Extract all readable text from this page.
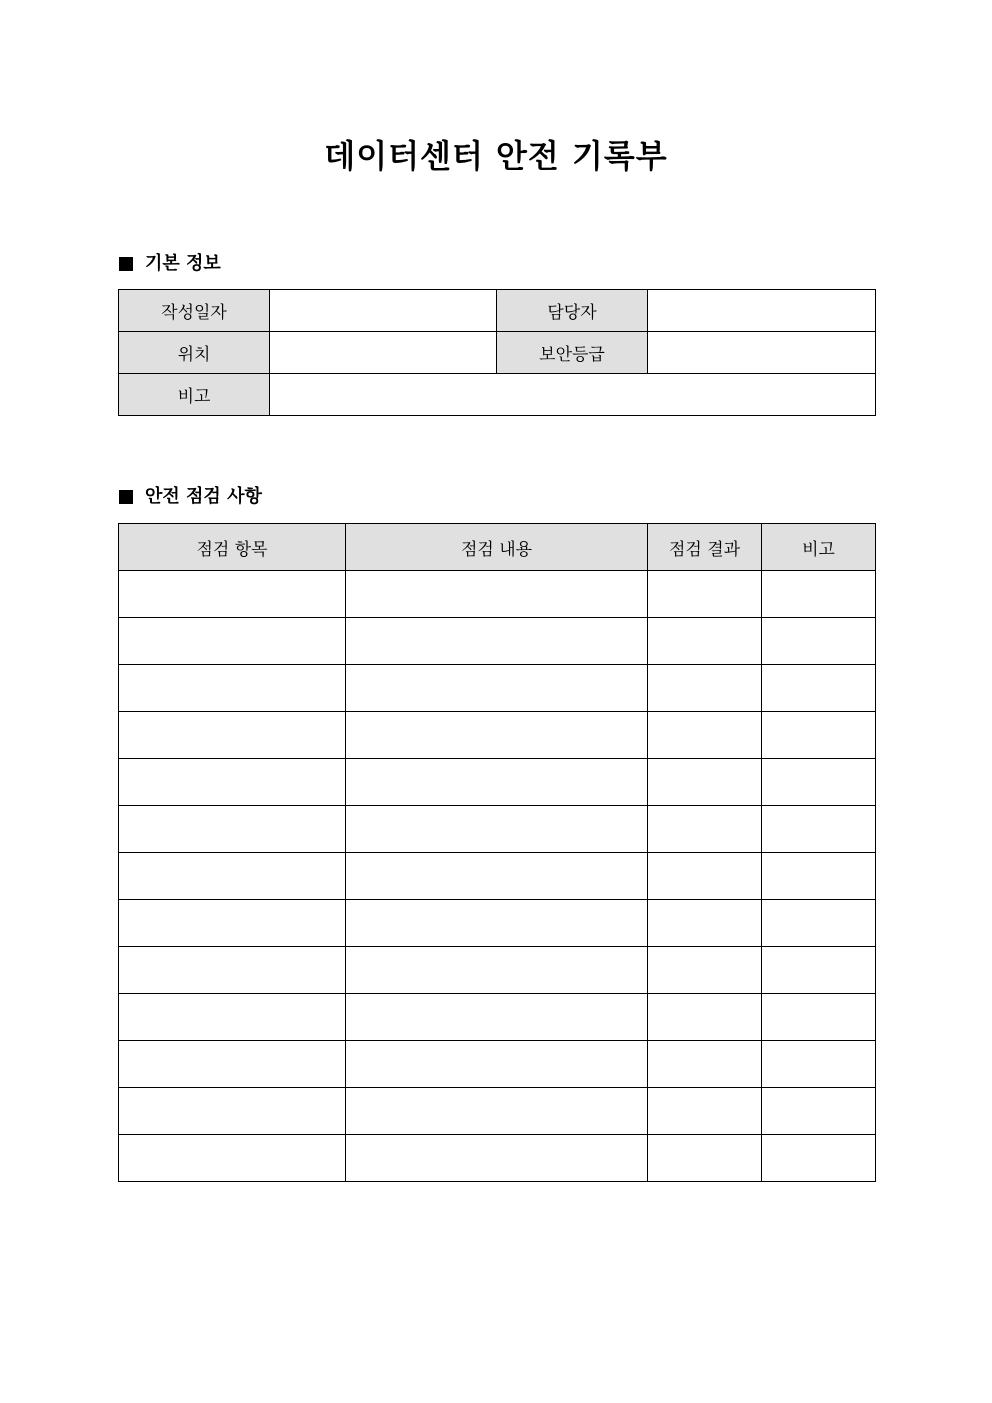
데이터센터 안전 기록부
기본 정보
작성일자		담당자	
위치		보안등급	
비고			
안전 점검 사항
점검 항목	점검 내용	점검 결과	비고
